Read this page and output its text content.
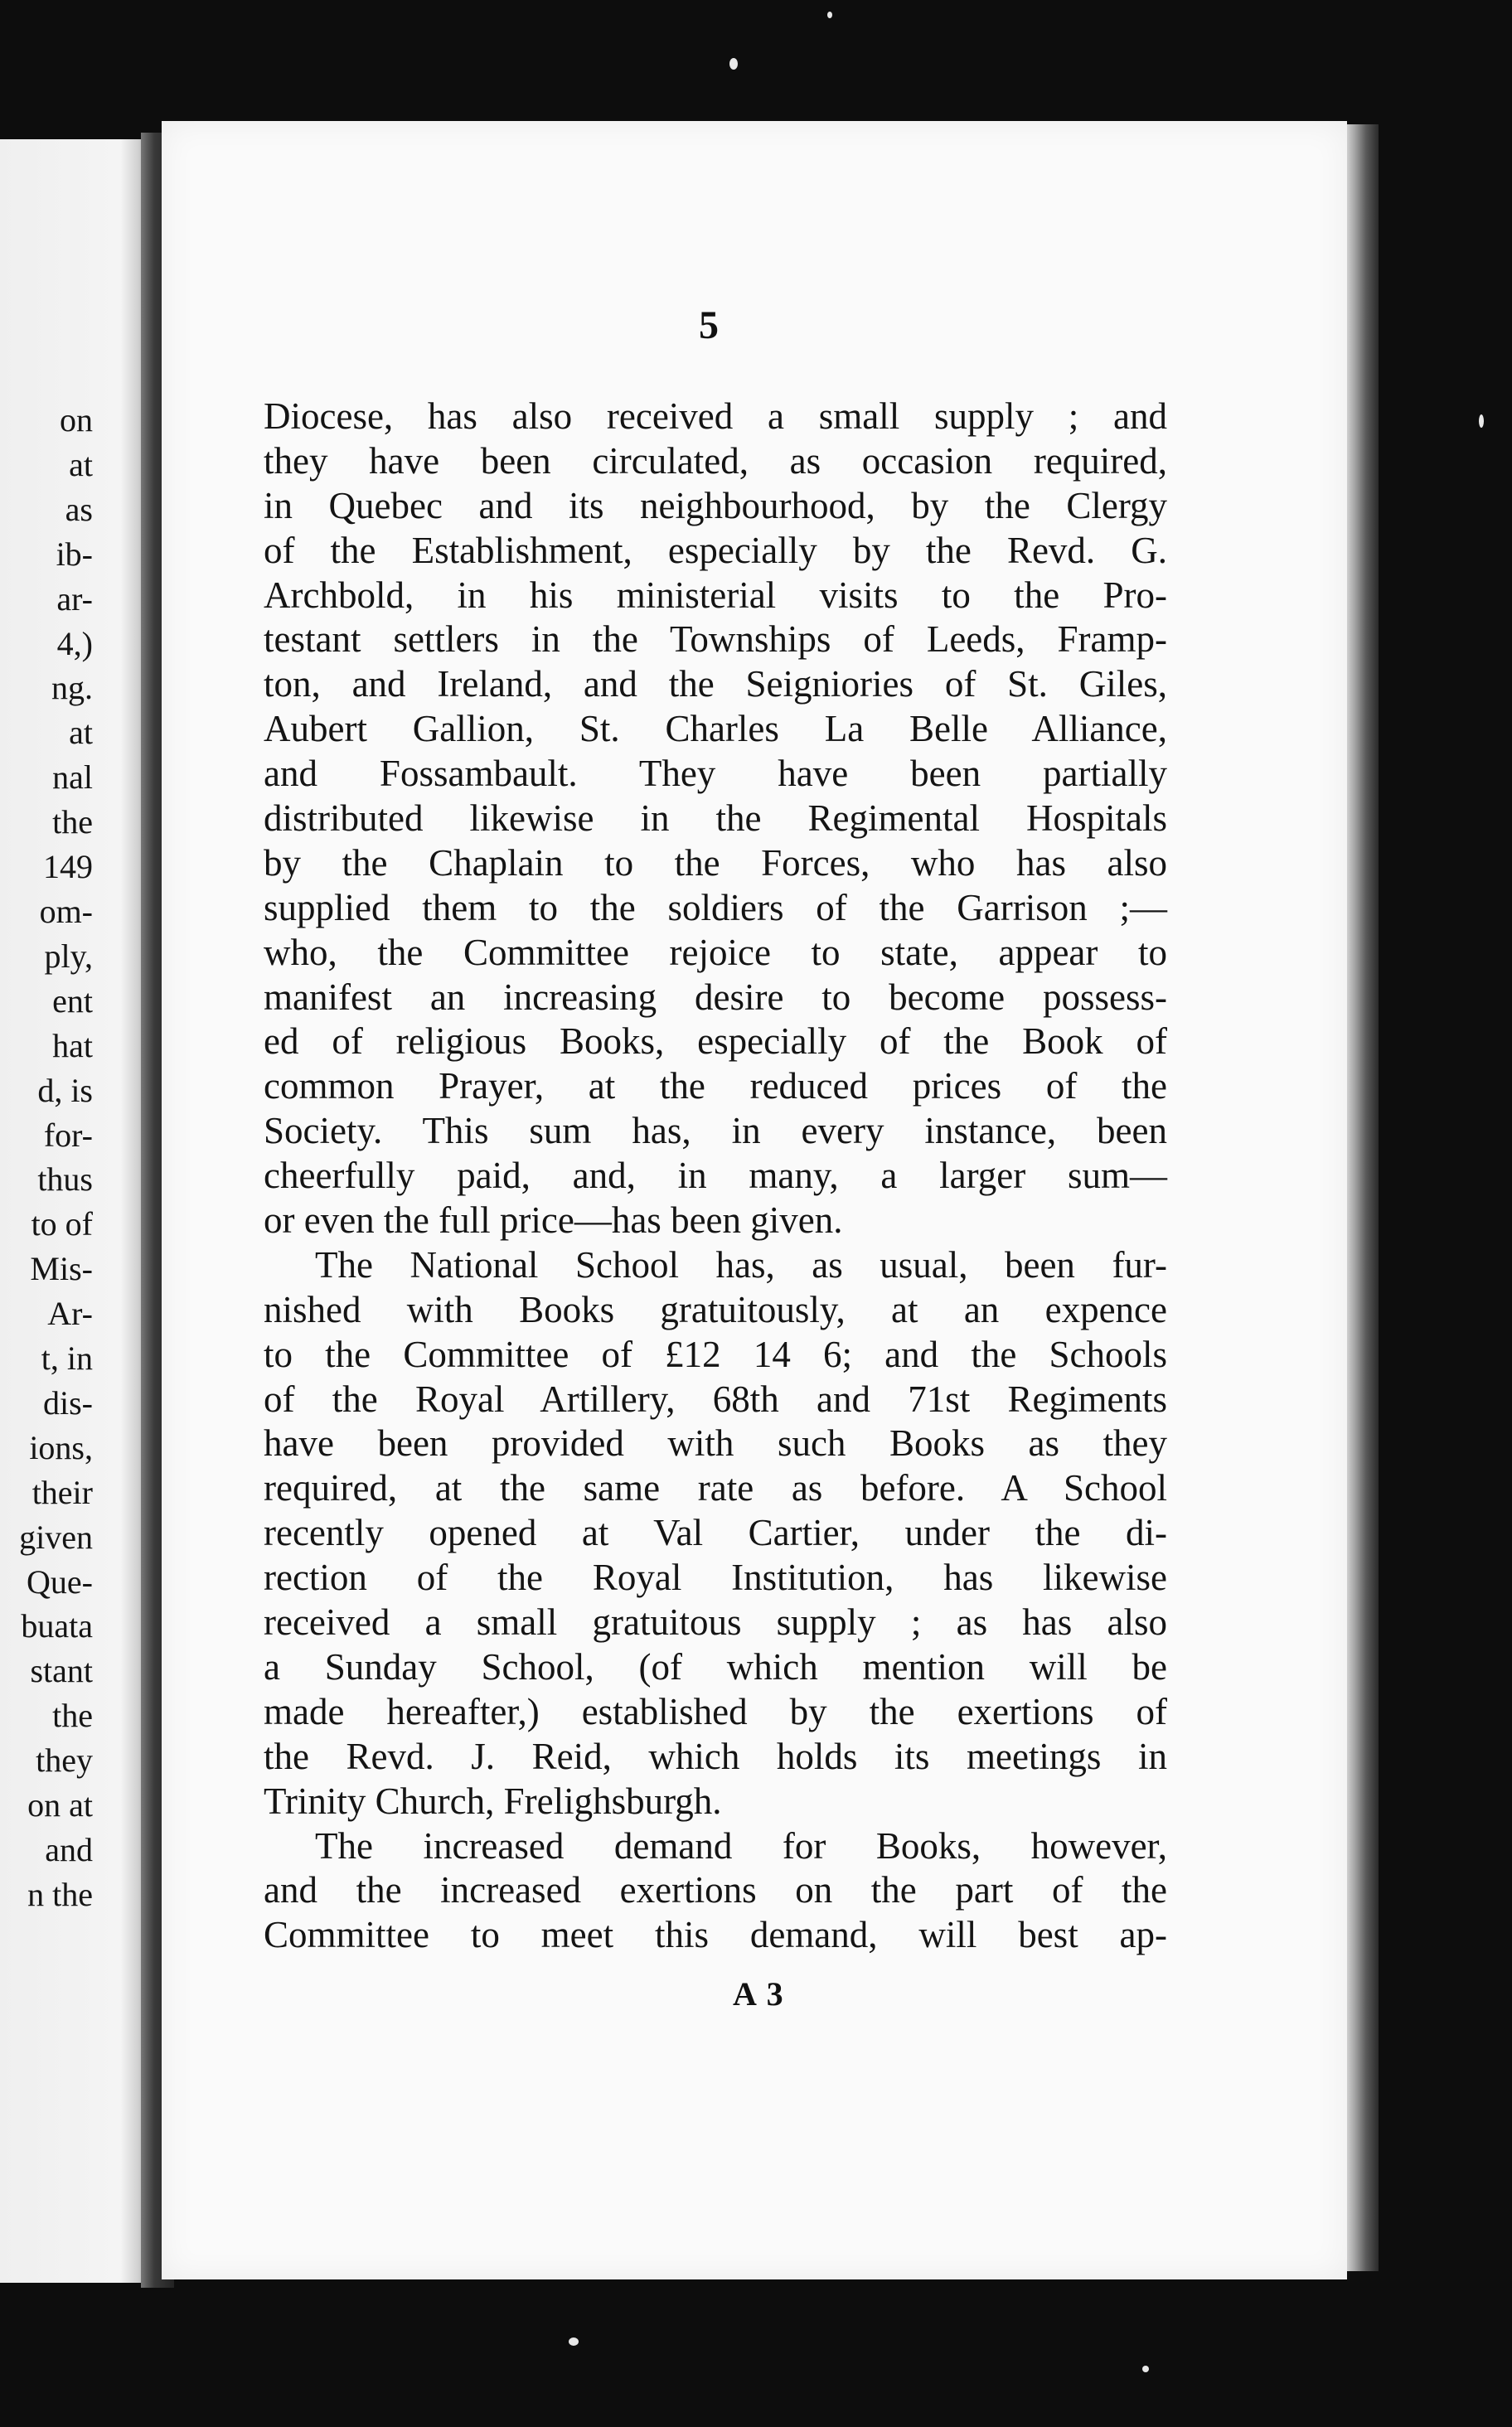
on
at
as
ib-
ar-
4,)
ng.
at
nal
the
149
om-
ply,
ent
hat
d, is
for-
thus
to of
Mis-
Ar-
t, in
dis-
ions,
their
given
Que-
buata
stant
the
they
on at
and
n the
5
Diocese, has also received a small supply ; and
they have been circulated, as occasion required,
in Quebec and its neighbourhood, by the Clergy
of the Establishment, especially by the Revd. G.
Archbold, in his ministerial visits to the Pro-
testant settlers in the Townships of Leeds, Framp-
ton, and Ireland, and the Seigniories of St. Giles,
Aubert Gallion, St. Charles La Belle Alliance,
and Fossambault. They have been partially
distributed likewise in the Regimental Hospitals
by the Chaplain to the Forces, who has also
supplied them to the soldiers of the Garrison ;—
who, the Committee rejoice to state, appear to
manifest an increasing desire to become possess-
ed of religious Books, especially of the Book of
common Prayer, at the reduced prices of the
Society. This sum has, in every instance, been
cheerfully paid, and, in many, a larger sum—
or even the full price—has been given.
The National School has, as usual, been fur-
nished with Books gratuitously, at an expence
to the Committee of £12 14 6; and the Schools
of the Royal Artillery, 68th and 71st Regiments
have been provided with such Books as they
required, at the same rate as before. A School
recently opened at Val Cartier, under the di-
rection of the Royal Institution, has likewise
received a small gratuitous supply ; as has also
a Sunday School, (of which mention will be
made hereafter,) established by the exertions of
the Revd. J. Reid, which holds its meetings in
Trinity Church, Frelighsburgh.
The increased demand for Books, however,
and the increased exertions on the part of the
Committee to meet this demand, will best ap-
A 3
